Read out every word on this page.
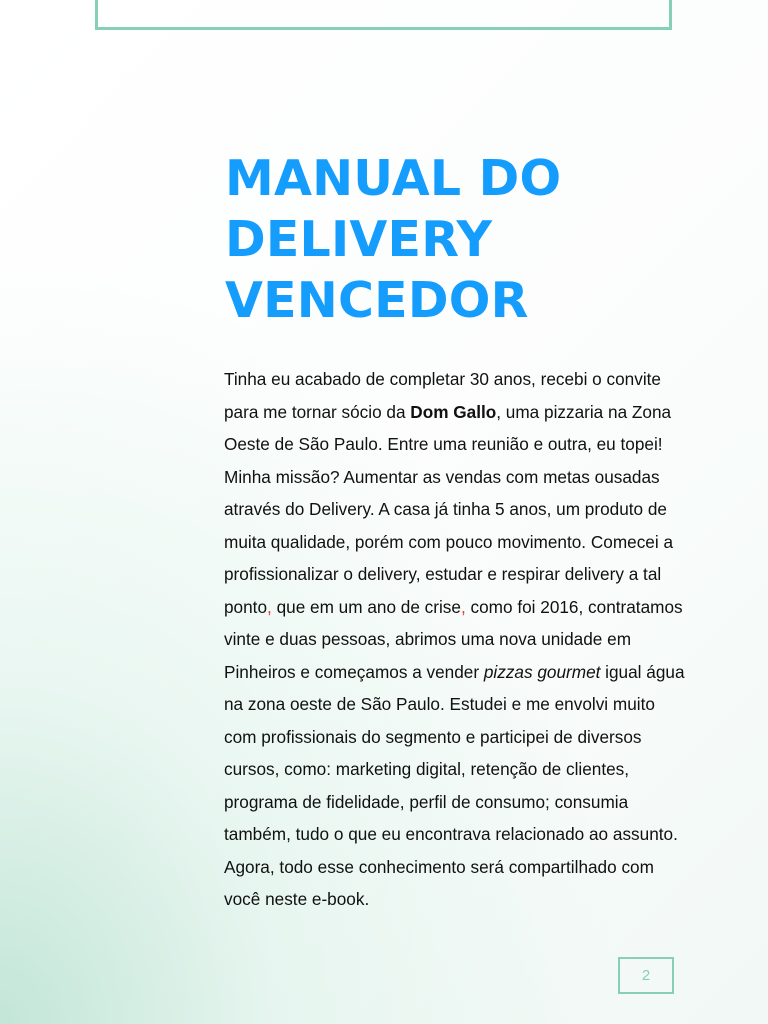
MANUAL DO
DELIVERY
VENCEDOR

Tinha eu acabado de completar 30 anos, recebi o convite
para me tornar sócio da Dom Gallo, uma pizzaria na Zona
Oeste de São Paulo. Entre uma reunião e outra, eu topei!
Minha missão? Aumentar as vendas com metas ousadas
através do Delivery. A casa já tinha 5 anos, um produto de
muita qualidade, porém com pouco movimento. Comecei a
profissionalizar o delivery, estudar e respirar delivery a tal
ponto, que em um ano de crise, como foi 2016, contratamos
vinte e duas pessoas, abrimos uma nova unidade em
Pinheiros e começamos a vender pizzas gourmet igual água
na zona oeste de São Paulo. Estudei e me envolvi muito
com profissionais do segmento e participei de diversos
cursos, como: marketing digital, retenção de clientes,
programa de fidelidade, perfil de consumo; consumia
também, tudo o que eu encontrava relacionado ao assunto.
Agora, todo esse conhecimento será compartilhado com
você neste e-book.

2
